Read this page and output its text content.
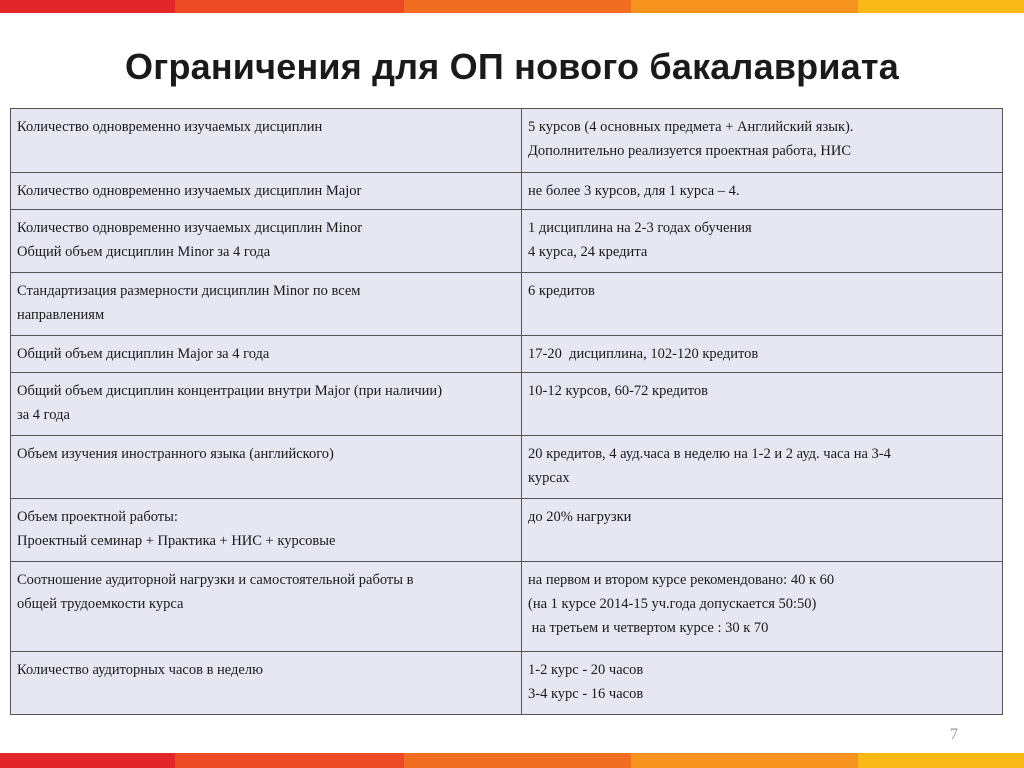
Ограничения для ОП нового бакалавриата
Количество одновременно изучаемых дисциплин	5 курсов (4 основных предмета + Английский язык).
Дополнительно реализуется проектная работа, НИС

Количество одновременно изучаемых дисциплин Major	не более 3 курсов, для 1 курса – 4.

Количество одновременно изучаемых дисциплин Minor
Общий объем дисциплин Minor за 4 года	1 дисциплина на 2-3 годах обучения
4 курса, 24 кредита

Стандартизация размерности дисциплин Minor по всем
направлениям	6 кредитов

Общий объем дисциплин Major за 4 года	17-20  дисциплина, 102-120 кредитов

Общий объем дисциплин концентрации внутри Major (при наличии)
за 4 года	10-12 курсов, 60-72 кредитов

Объем изучения иностранного языка (английского)	20 кредитов, 4 ауд.часа в неделю на 1-2 и 2 ауд. часа на 3-4
курсах

Объем проектной работы:
Проектный семинар + Практика + НИС + курсовые	до 20% нагрузки

Соотношение аудиторной нагрузки и самостоятельной работы в
общей трудоемкости курса	на первом и втором курсе рекомендовано: 40 к 60
(на 1 курсе 2014-15 уч.года допускается 50:50)
на третьем и четвертом курсе : 30 к 70

Количество аудиторных часов в неделю	1-2 курс - 20 часов
3-4 курс - 16 часов
7
